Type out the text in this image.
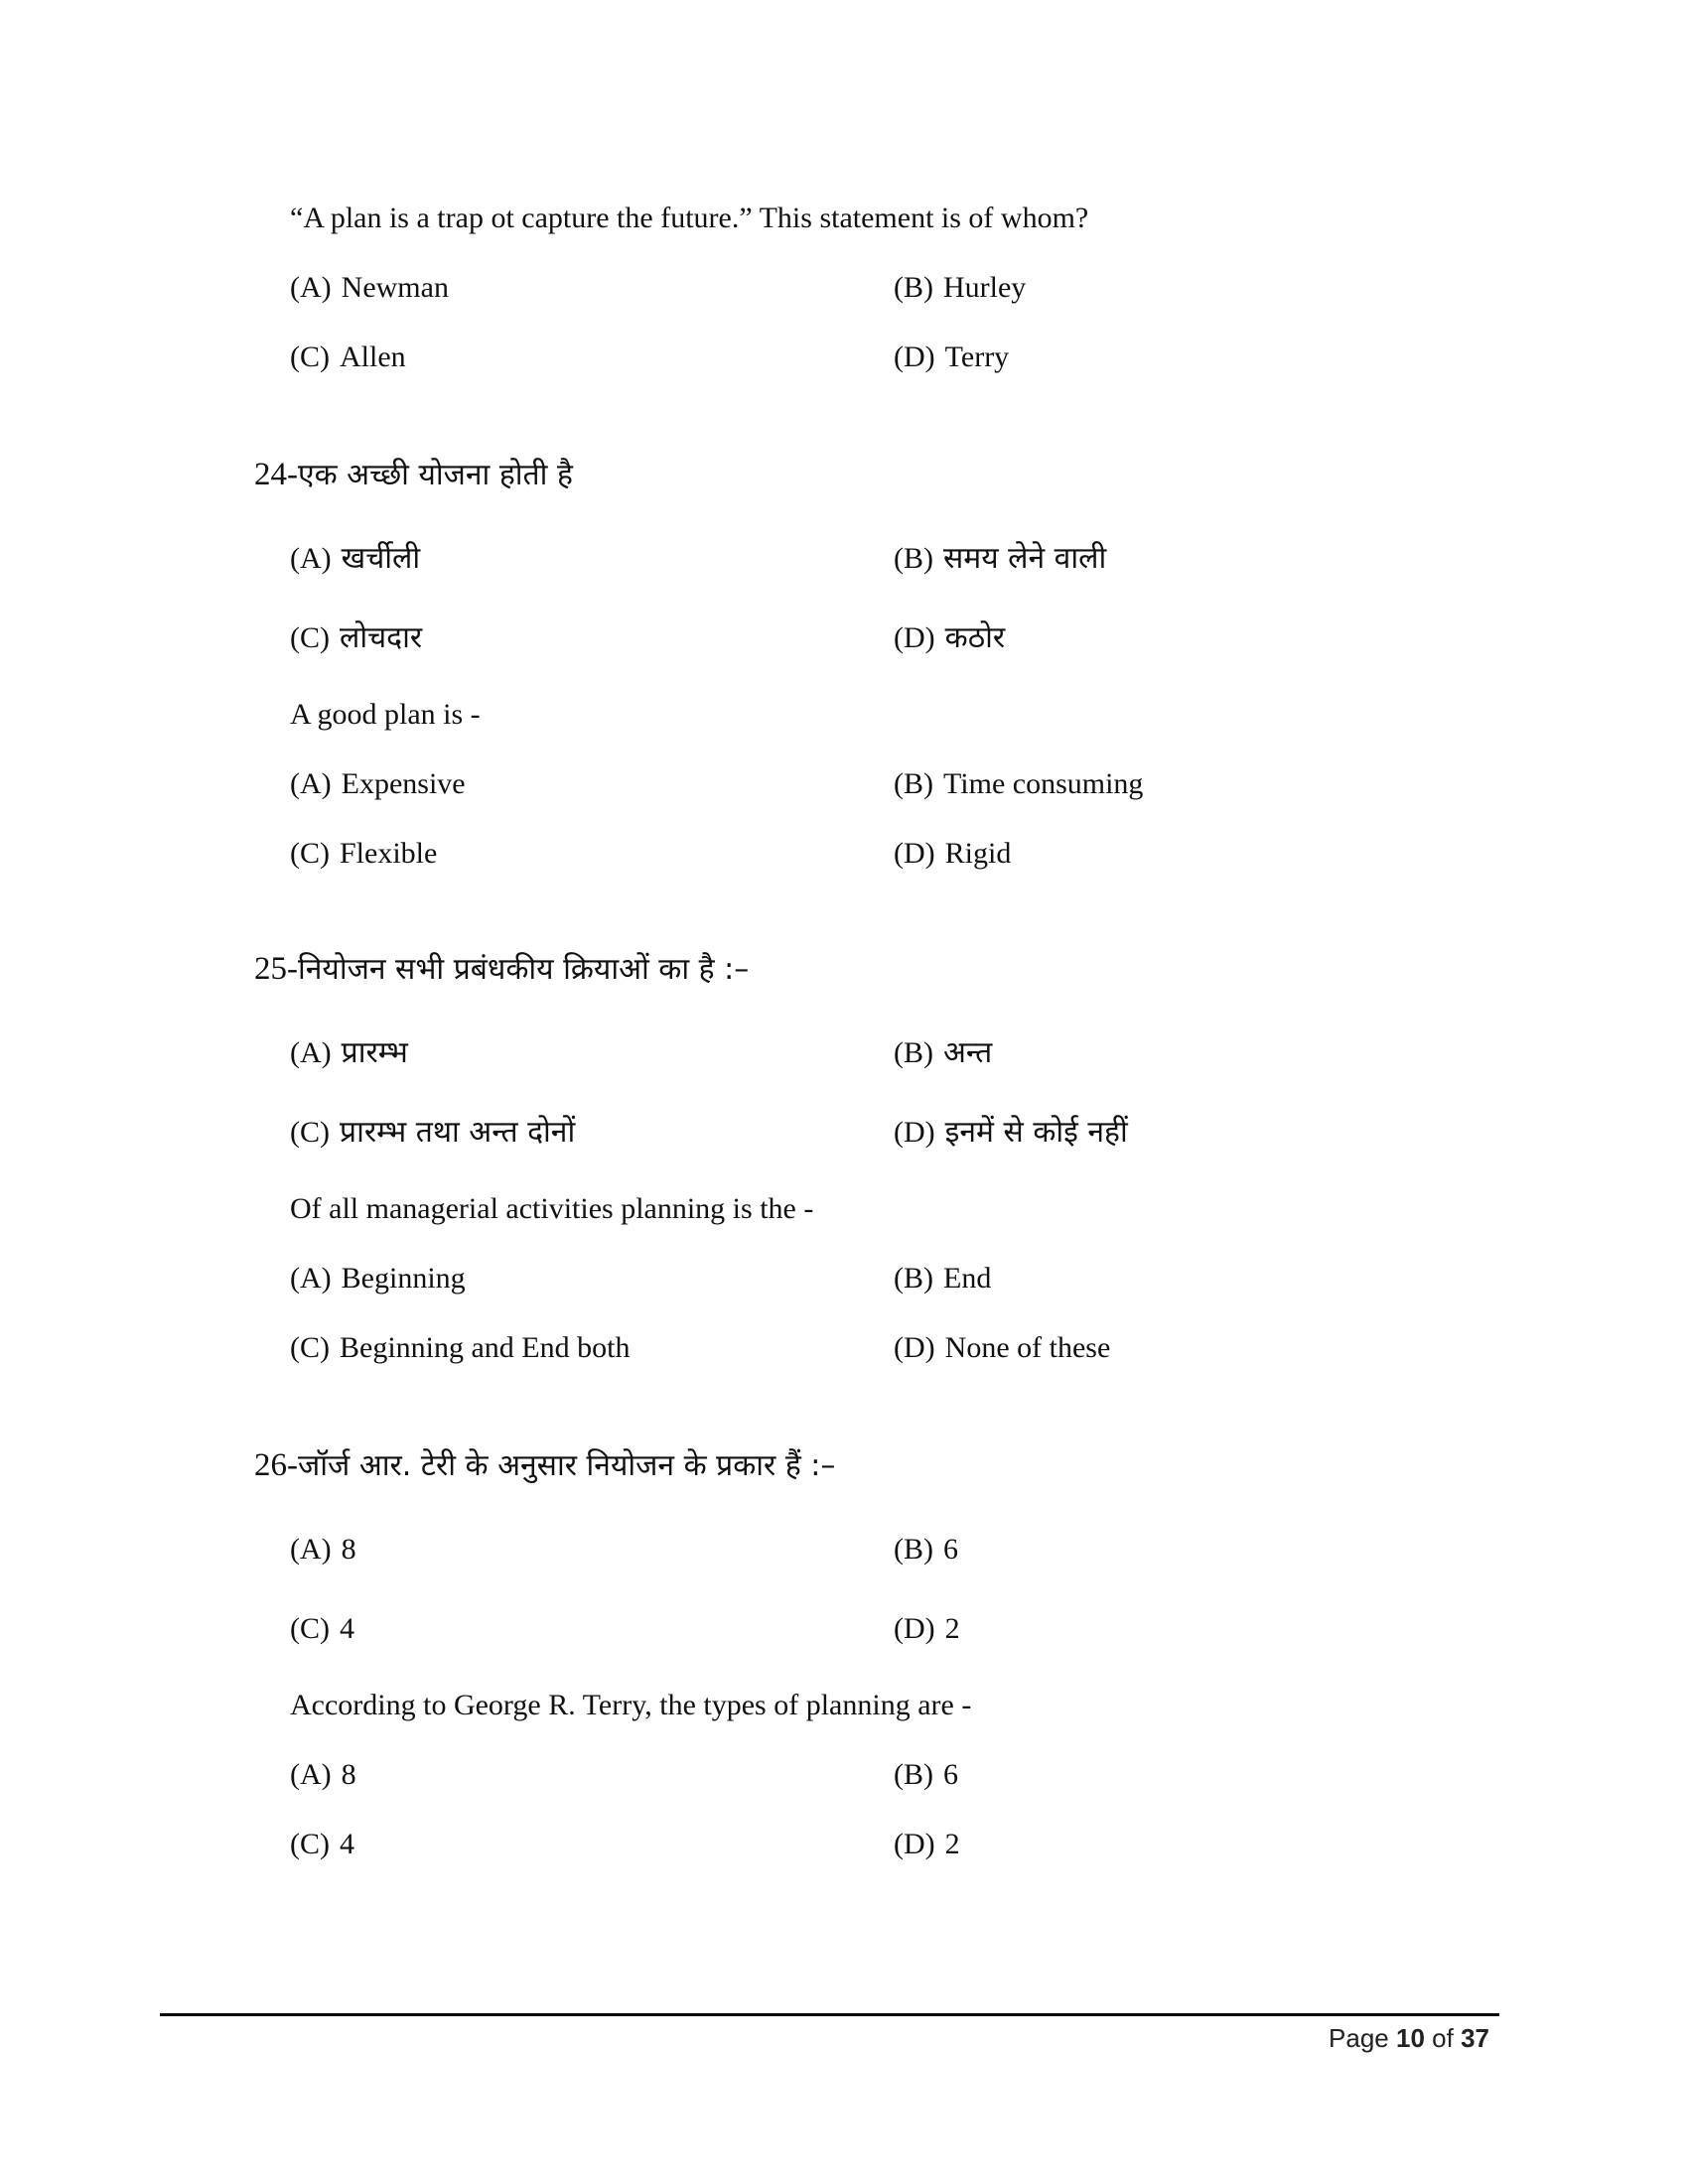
“A plan is a trap ot capture the future.” This statement is of whom?
(A) Newman	(B) Hurley
(C) Allen	(D) Terry
24-एक अच्छी योजना होती है
(A) खर्चीली	(B) समय लेने वाली
(C) लोचदार	(D) कठोर
A good plan is -
(A) Expensive	(B) Time consuming
(C) Flexible	(D) Rigid
25-नियोजन सभी प्रबंधकीय क्रियाओं का है :–
(A) प्रारम्भ	(B) अन्त
(C) प्रारम्भ तथा अन्त दोनों	(D) इनमें से कोई नहीं
Of all managerial activities planning is the -
(A) Beginning	(B) End
(C) Beginning and End both	(D) None of these
26-जॉर्ज आर. टेरी के अनुसार नियोजन के प्रकार हैं :–
(A) 8	(B) 6
(C) 4	(D) 2
According to George R. Terry, the types of planning are -
(A) 8	(B) 6
(C) 4	(D) 2
Page 10 of 37
